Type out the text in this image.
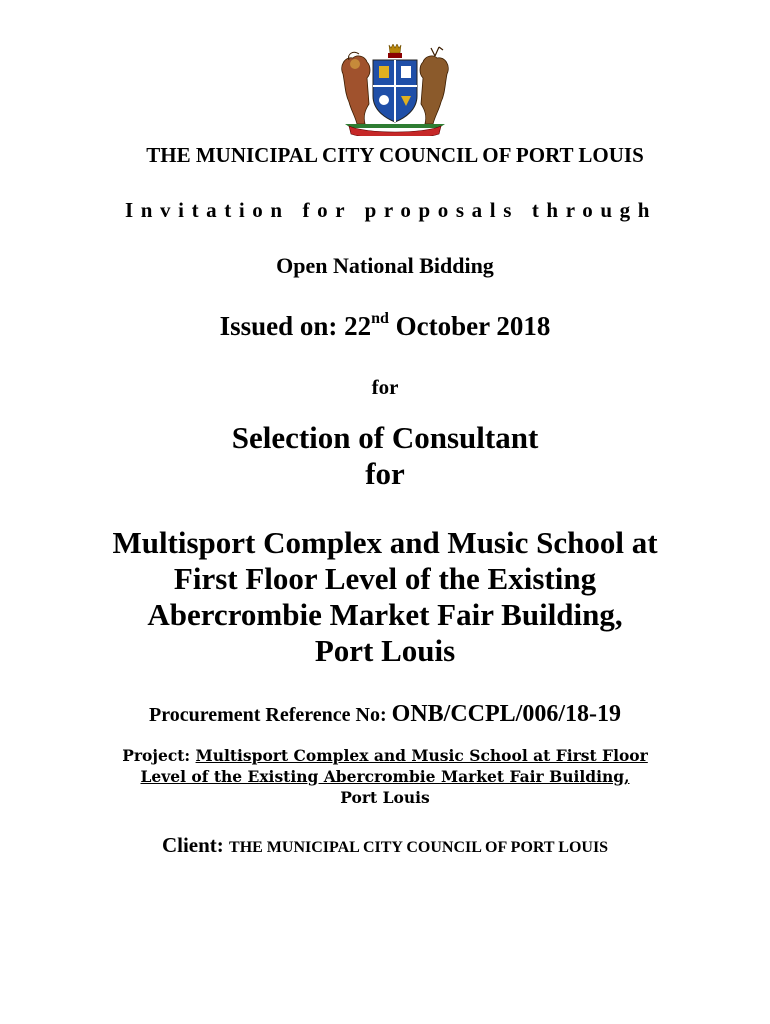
THE MUNICIPAL CITY COUNCIL OF PORT LOUIS
Invitation for proposals through
Open National Bidding
Issued on: 22nd October 2018
for
Selection of Consultant
for
Multisport Complex and Music School at
First Floor Level of the Existing
Abercrombie Market Fair Building,
Port Louis
Procurement Reference No: ONB/CCPL/006/18-19
Project: Multisport Complex and Music School at First Floor
Level of the Existing Abercrombie Market Fair Building,
Port Louis
Client: THE MUNICIPAL CITY COUNCIL OF PORT LOUIS
